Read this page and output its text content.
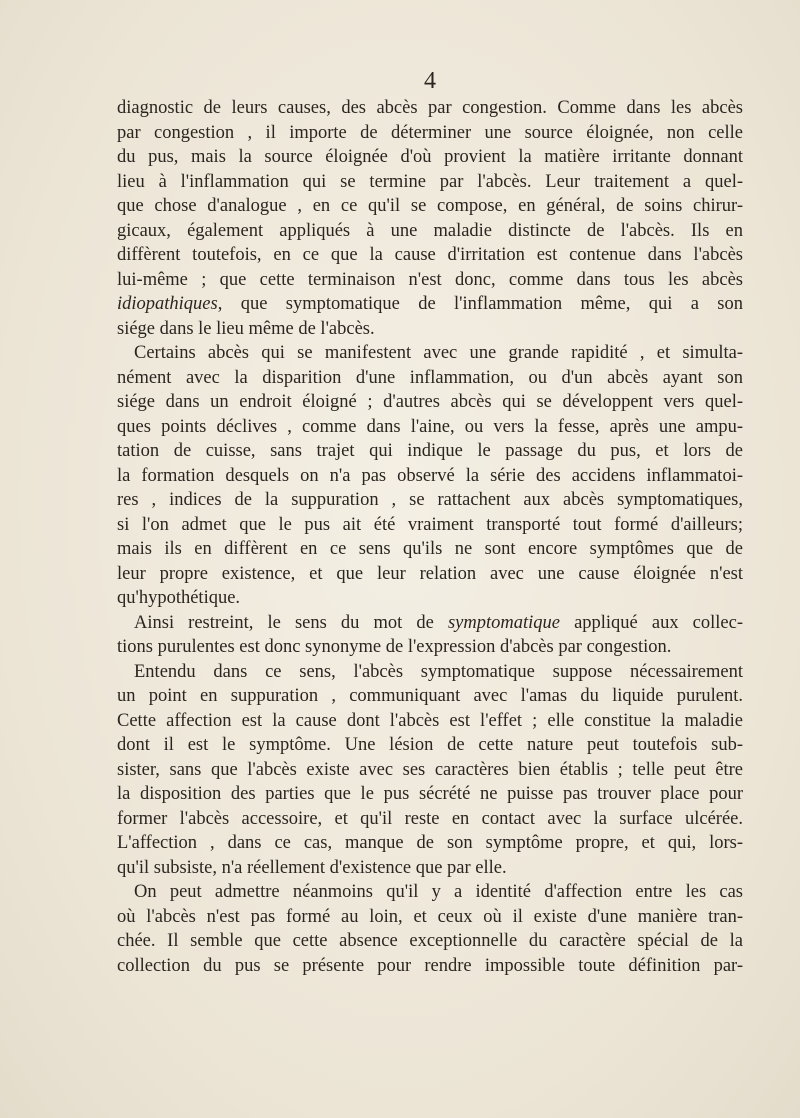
4
diagnostic de leurs causes, des abcès par congestion. Comme dans les abcès
par congestion , il importe de déterminer une source éloignée, non celle
du pus, mais la source éloignée d'où provient la matière irritante donnant
lieu à l'inflammation qui se termine par l'abcès. Leur traitement a quel-
que chose d'analogue , en ce qu'il se compose, en général, de soins chirur-
gicaux, également appliqués à une maladie distincte de l'abcès. Ils en
diffèrent toutefois, en ce que la cause d'irritation est contenue dans l'abcès
lui-même ; que cette terminaison n'est donc, comme dans tous les abcès
idiopathiques, que symptomatique de l'inflammation même, qui a son
siége dans le lieu même de l'abcès.
Certains abcès qui se manifestent avec une grande rapidité , et simulta-
nément avec la disparition d'une inflammation, ou d'un abcès ayant son
siége dans un endroit éloigné ; d'autres abcès qui se développent vers quel-
ques points déclives , comme dans l'aine, ou vers la fesse, après une ampu-
tation de cuisse, sans trajet qui indique le passage du pus, et lors de
la formation desquels on n'a pas observé la série des accidens inflammatoi-
res , indices de la suppuration , se rattachent aux abcès symptomatiques,
si l'on admet que le pus ait été vraiment transporté tout formé d'ailleurs;
mais ils en diffèrent en ce sens qu'ils ne sont encore symptômes que de
leur propre existence, et que leur relation avec une cause éloignée n'est
qu'hypothétique.
Ainsi restreint, le sens du mot de symptomatique appliqué aux collec-
tions purulentes est donc synonyme de l'expression d'abcès par congestion.
Entendu dans ce sens, l'abcès symptomatique suppose nécessairement
un point en suppuration , communiquant avec l'amas du liquide purulent.
Cette affection est la cause dont l'abcès est l'effet ; elle constitue la maladie
dont il est le symptôme. Une lésion de cette nature peut toutefois sub-
sister, sans que l'abcès existe avec ses caractères bien établis ; telle peut être
la disposition des parties que le pus sécrété ne puisse pas trouver place pour
former l'abcès accessoire, et qu'il reste en contact avec la surface ulcérée.
L'affection , dans ce cas, manque de son symptôme propre, et qui, lors-
qu'il subsiste, n'a réellement d'existence que par elle.
On peut admettre néanmoins qu'il y a identité d'affection entre les cas
où l'abcès n'est pas formé au loin, et ceux où il existe d'une manière tran-
chée. Il semble que cette absence exceptionnelle du caractère spécial de la
collection du pus se présente pour rendre impossible toute définition par-
